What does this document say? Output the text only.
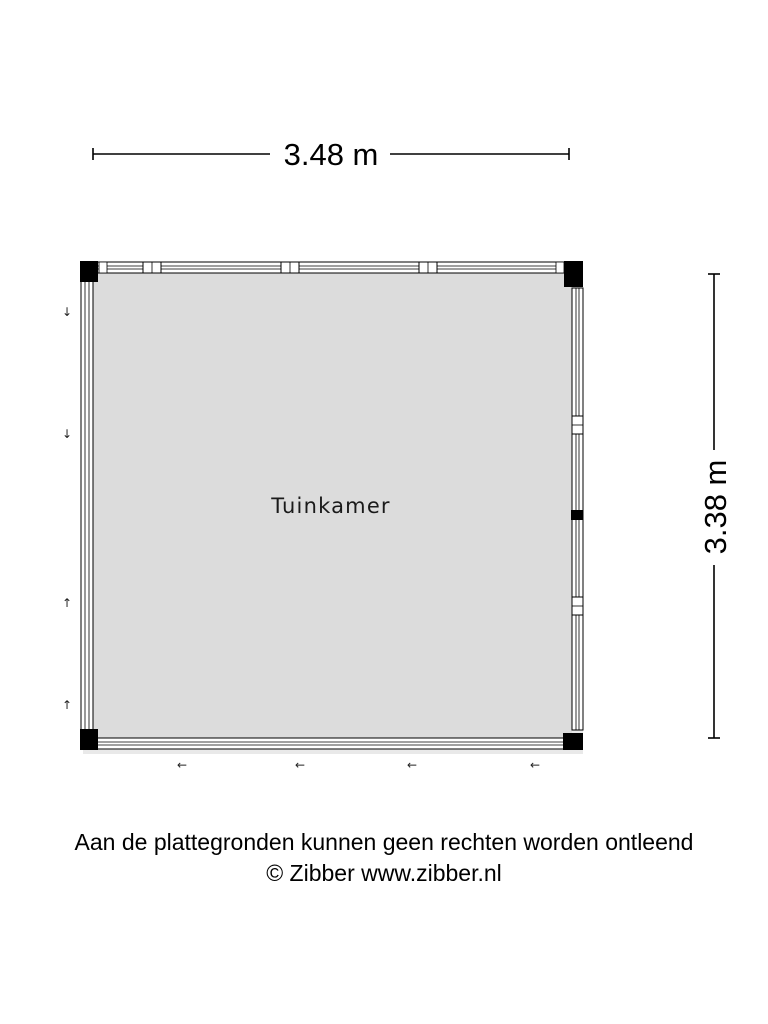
3.48 m
3.38 m
Tuinkamer
↓
↓
↑
↑
←	←	←	←
Aan de plattegronden kunnen geen rechten worden ontleend
© Zibber www.zibber.nl
